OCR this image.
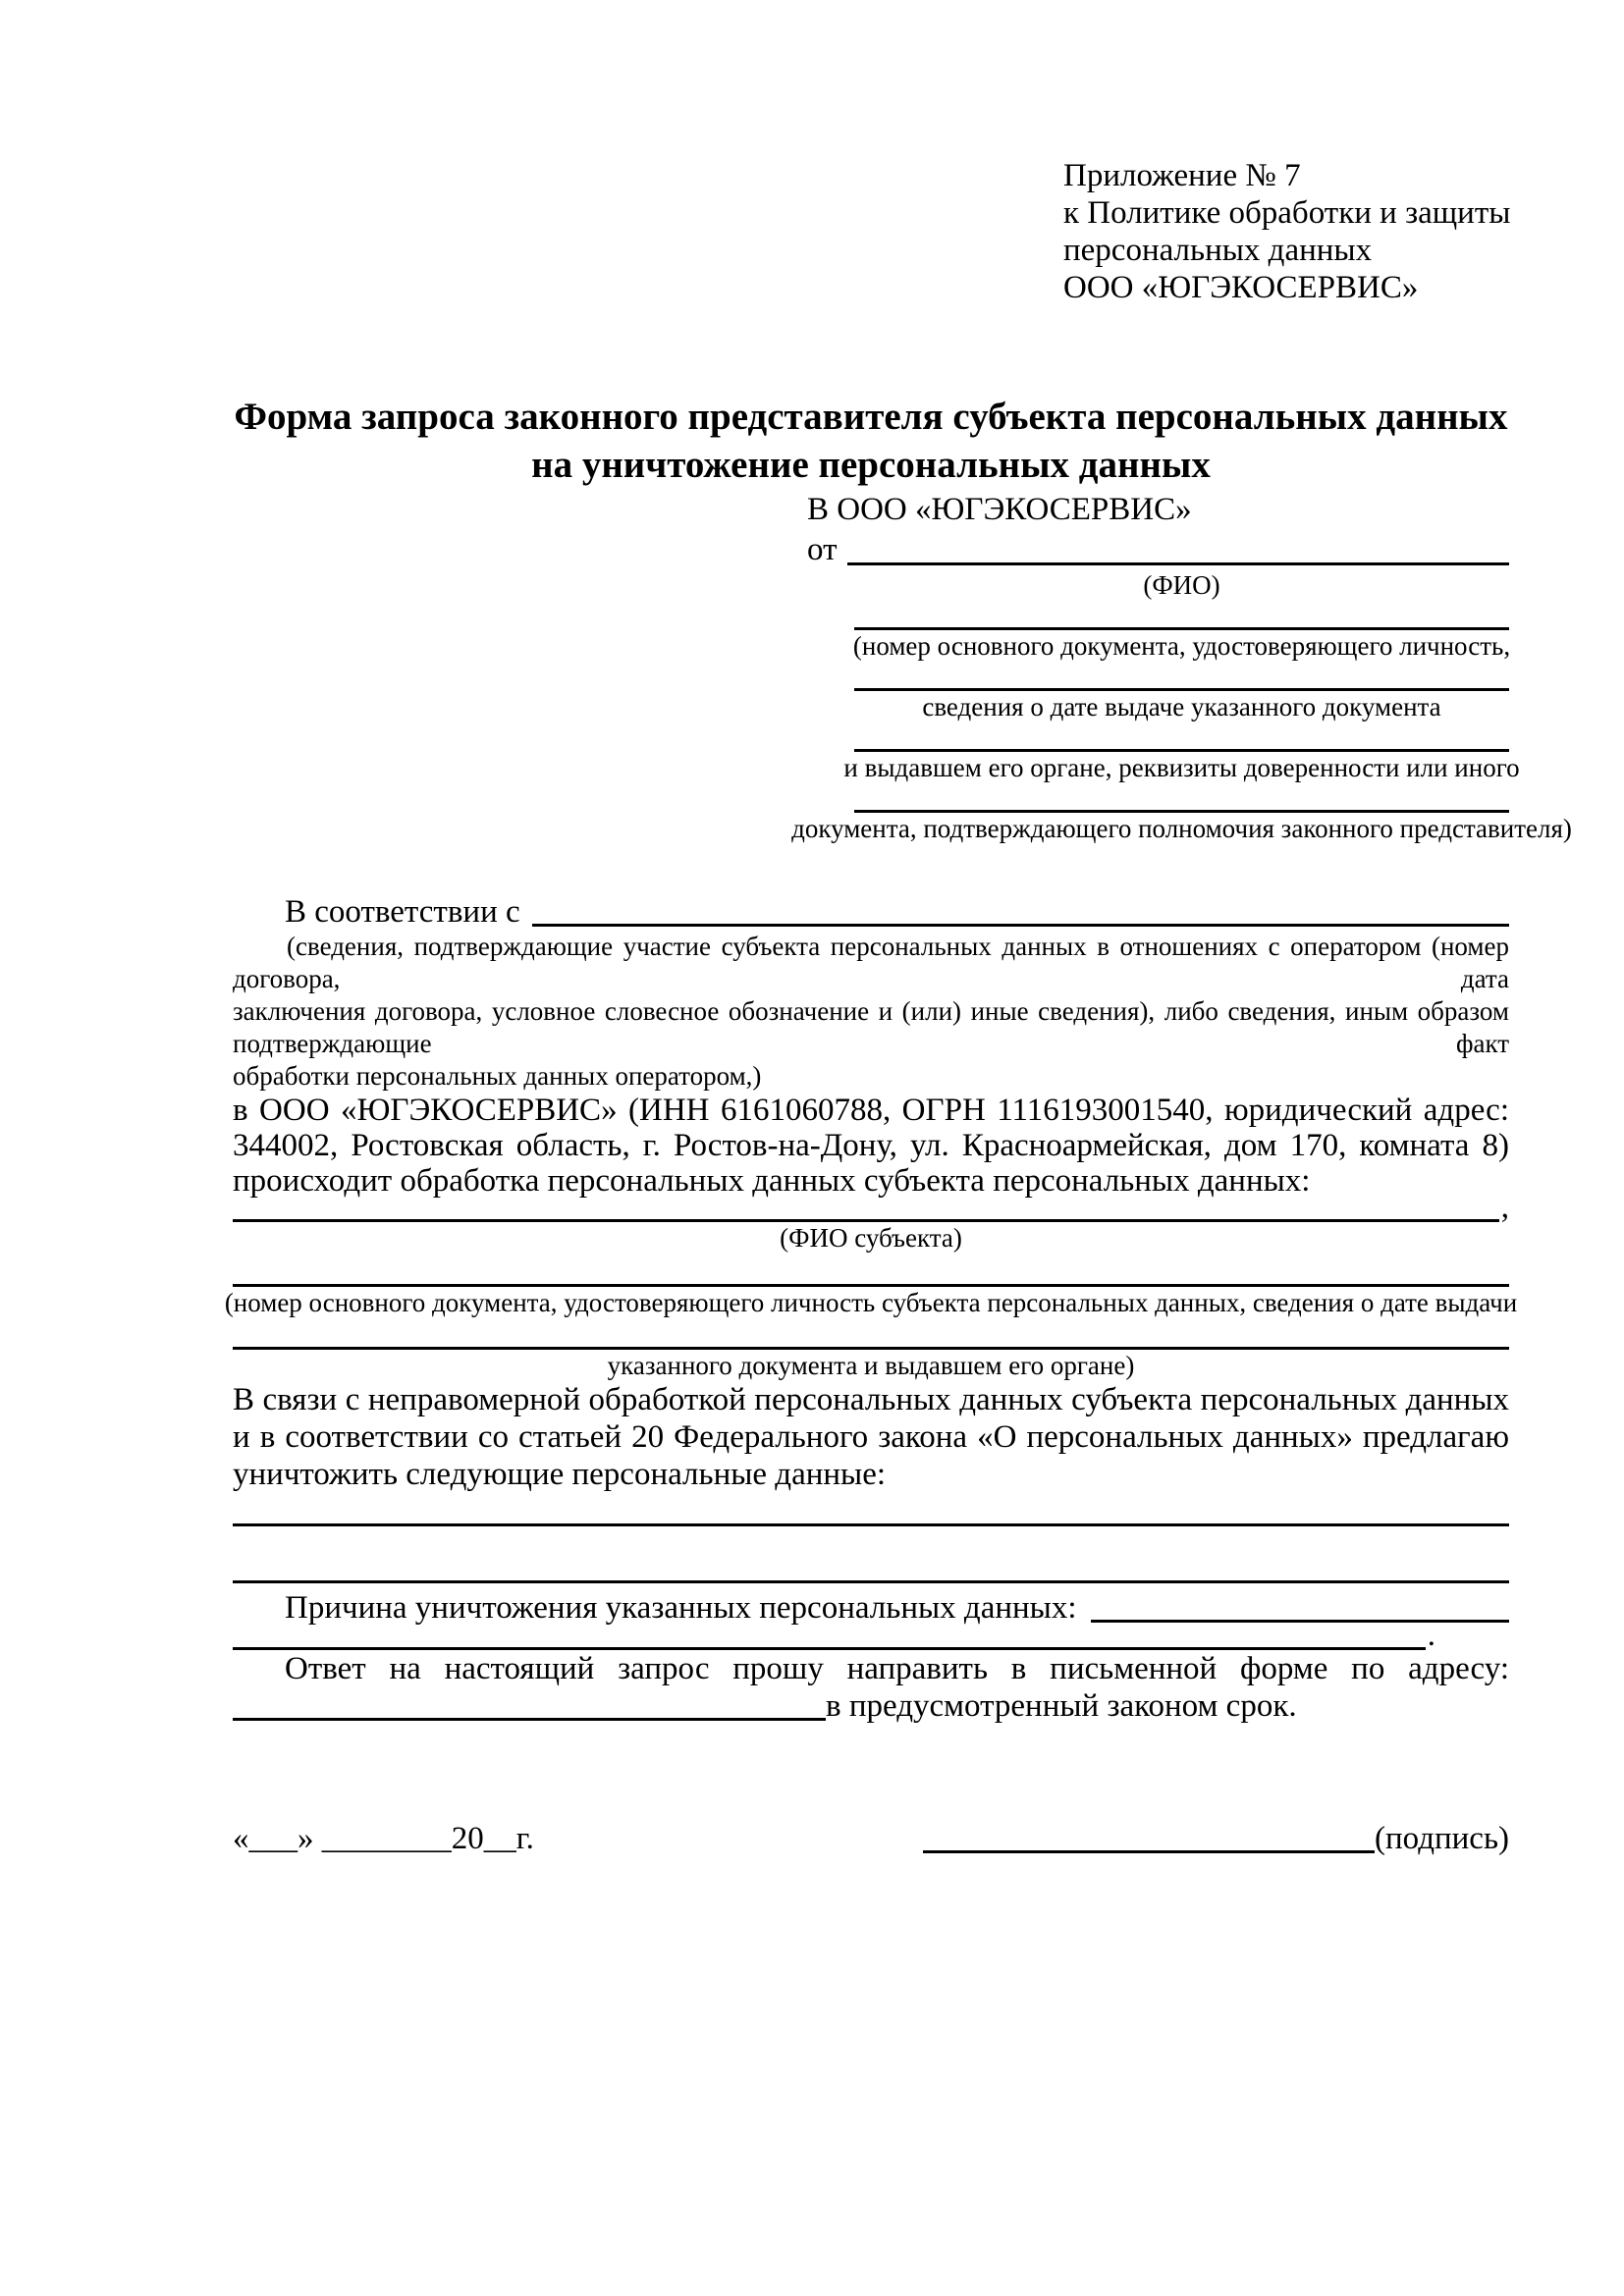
Приложение № 7
к Политике обработки и защиты
персональных данных
ООО «ЮГЭКОСЕРВИС»
Форма запроса законного представителя субъекта персональных данных
на уничтожение персональных данных
В ООО «ЮГЭКОСЕРВИС»
от
(ФИО)
(номер основного документа, удостоверяющего личность,
сведения о дате выдаче указанного документа
и выдавшем его органе, реквизиты доверенности или иного
документа, подтверждающего полномочия законного представителя)
В соответствии с
(сведения, подтверждающие участие субъекта персональных данных в отношениях с оператором (номер договора, дата
заключения договора, условное словесное обозначение и (или) иные сведения), либо сведения, иным образом подтверждающие факт
обработки персональных данных оператором,)
в ООО «ЮГЭКОСЕРВИС» (ИНН 6161060788, ОГРН 1116193001540, юридический адрес:
344002, Ростовская область, г. Ростов-на-Дону, ул. Красноармейская, дом 170, комната 8)
происходит обработка персональных данных субъекта персональных данных:
,
(ФИО субъекта)
(номер основного документа, удостоверяющего личность субъекта персональных данных, сведения о дате выдачи
указанного документа и выдавшем его органе)
В связи с неправомерной обработкой персональных данных субъекта персональных данных
и в соответствии со статьей 20 Федерального закона «О персональных данных» предлагаю
уничтожить следующие персональные данные:
Причина уничтожения указанных персональных данных:
.
Ответ на настоящий запрос прошу направить в письменной форме по адресу:
в предусмотренный законом срок.
«___» ________20__г.	(подпись)
